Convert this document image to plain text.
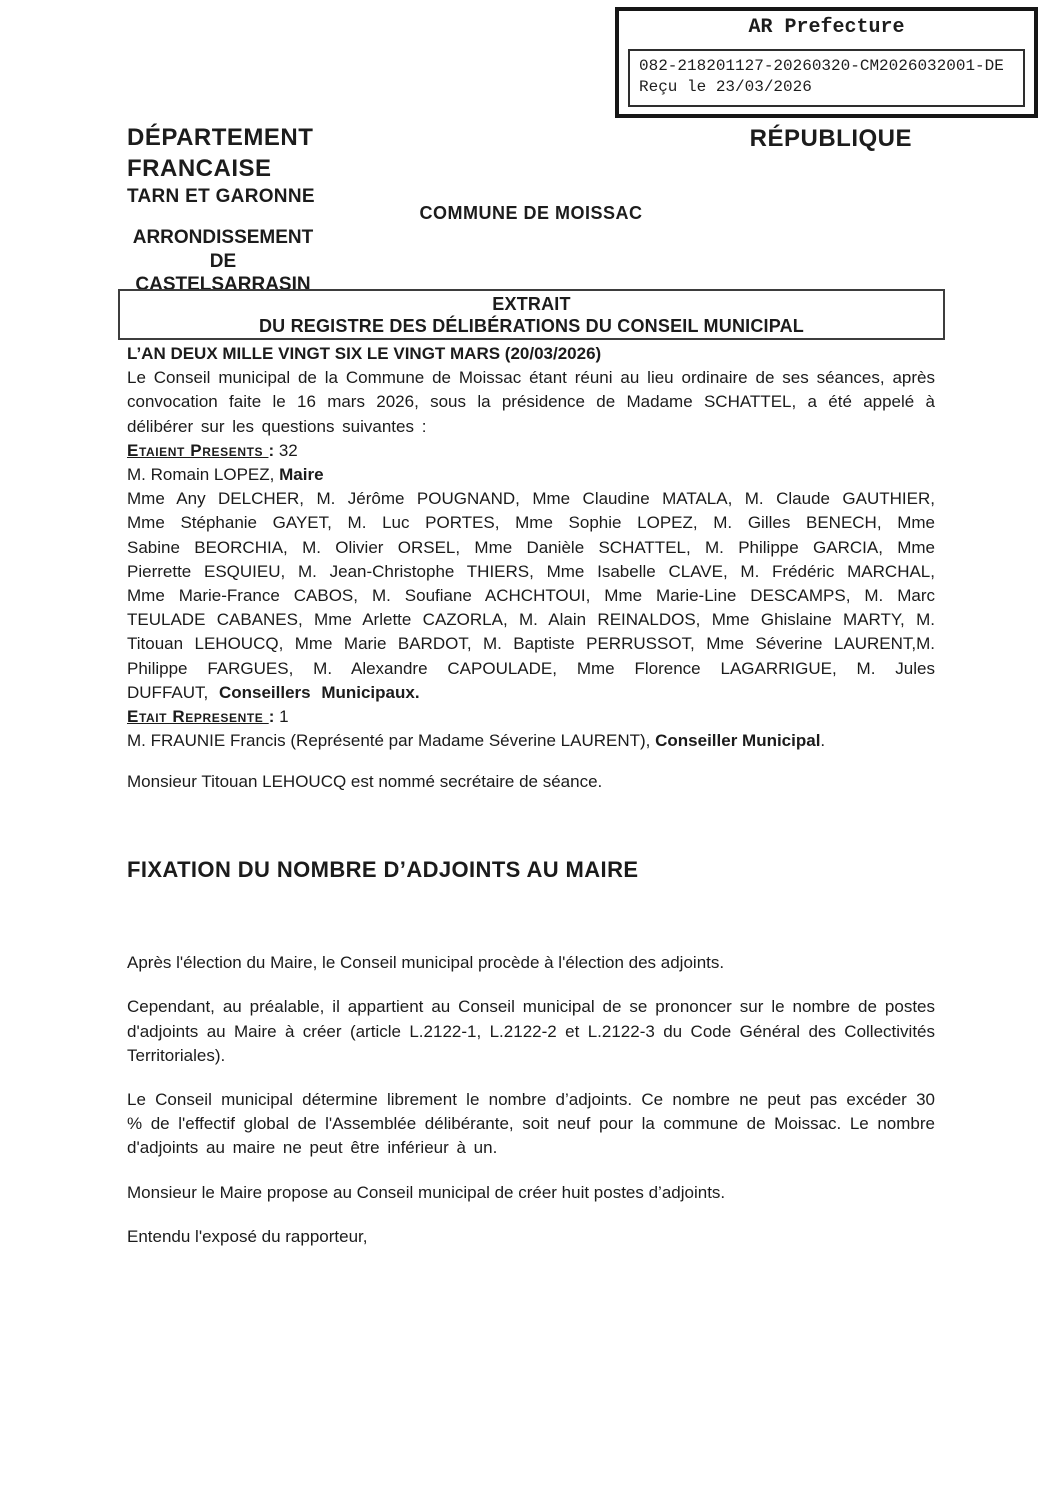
AR Prefecture
082-218201127-20260320-CM2026032001-DE
Reçu le 23/03/2026
DÉPARTEMENT
FRANCAISE
TARN ET GARONNE
RÉPUBLIQUE
COMMUNE DE MOISSAC
ARRONDISSEMENT
DE
CASTELSARRASIN
EXTRAIT
DU REGISTRE DES DÉLIBÉRATIONS DU CONSEIL MUNICIPAL

L’AN DEUX MILLE VINGT SIX LE VINGT MARS (20/03/2026)

Le Conseil municipal de la Commune de Moissac étant réuni au lieu ordinaire de ses séances, après convocation faite le 16 mars 2026, sous la présidence de Madame SCHATTEL, a été appelé à délibérer sur les questions suivantes :

Etaient Presents : 32

M. Romain LOPEZ, Maire

Mme Any DELCHER, M. Jérôme POUGNAND, Mme Claudine MATALA, M. Claude GAUTHIER, Mme Stéphanie GAYET, M. Luc PORTES, Mme Sophie LOPEZ, M. Gilles BENECH, Mme Sabine BEORCHIA, M. Olivier ORSEL, Mme Danièle SCHATTEL, M. Philippe GARCIA, Mme Pierrette ESQUIEU, M. Jean-Christophe THIERS, Mme Isabelle CLAVE, M. Frédéric MARCHAL, Mme Marie-France CABOS, M. Soufiane ACHCHTOUI, Mme Marie-Line DESCAMPS, M. Marc TEULADE CABANES, Mme Arlette CAZORLA, M. Alain REINALDOS, Mme Ghislaine MARTY, M. Titouan LEHOUCQ, Mme Marie BARDOT, M. Baptiste PERRUSSOT, Mme Séverine LAURENT,M. Philippe FARGUES, M. Alexandre CAPOULADE, Mme Florence LAGARRIGUE, M. Jules DUFFAUT, Conseillers Municipaux.

Etait Represente : 1

M. FRAUNIE Francis (Représenté par Madame Séverine LAURENT), Conseiller Municipal.

Monsieur Titouan LEHOUCQ est nommé secrétaire de séance.

FIXATION DU NOMBRE D’ADJOINTS AU MAIRE

Après l'élection du Maire, le Conseil municipal procède à l'élection des adjoints.

Cependant, au préalable, il appartient au Conseil municipal de se prononcer sur le nombre de postes d'adjoints au Maire à créer (article L.2122-1, L.2122-2 et L.2122-3 du Code Général des Collectivités Territoriales).

Le Conseil municipal détermine librement le nombre d’adjoints. Ce nombre ne peut pas excéder 30 % de l'effectif global de l'Assemblée délibérante, soit neuf pour la commune de Moissac. Le nombre d'adjoints au maire ne peut être inférieur à un.

Monsieur le Maire propose au Conseil municipal de créer huit postes d’adjoints.

Entendu l'exposé du rapporteur,
